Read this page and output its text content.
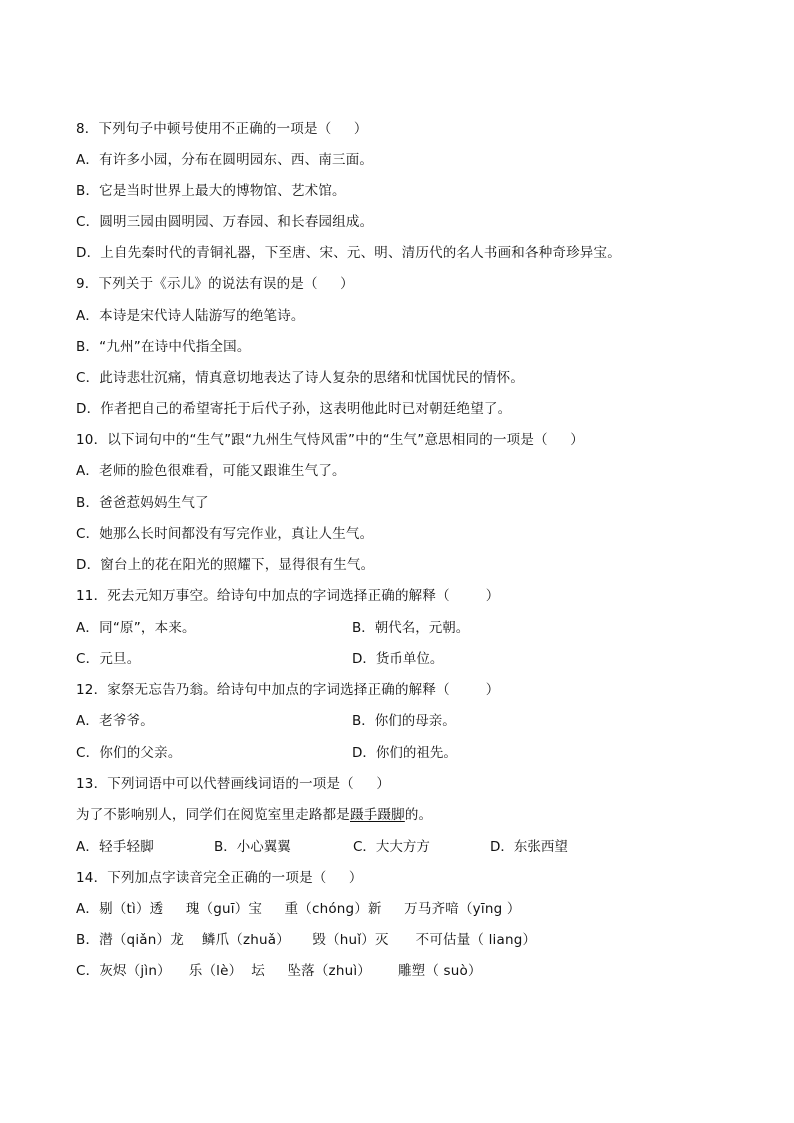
8．下列句子中顿号使用不正确的一项是（     ）
A．有许多小园，分布在圆明园东、西、南三面。
B．它是当时世界上最大的博物馆、艺术馆。
C．圆明三园由圆明园、万春园、和长春园组成。
D．上自先秦时代的青铜礼器，下至唐、宋、元、明、清历代的名人书画和各种奇珍异宝。
9．下列关于《示儿》的说法有误的是（     ）
A．本诗是宋代诗人陆游写的绝笔诗。
B．“九州”在诗中代指全国。
C．此诗悲壮沉痛，情真意切地表达了诗人复杂的思绪和忧国忧民的情怀。
D．作者把自己的希望寄托于后代子孙，这表明他此时已对朝廷绝望了。
10．以下词句中的“生气”跟“九州生气恃风雷”中的“生气”意思相同的一项是（     ）
A．老师的脸色很难看，可能又跟谁生气了。
B．爸爸惹妈妈生气了
C．她那么长时间都没有写完作业，真让人生气。
D．窗台上的花在阳光的照耀下，显得很有生气。
11．死去元知万事空。给诗句中加点的字词选择正确的解释（        ）
A．同“原”，本来。	B．朝代名，元朝。
C．元旦。	D．货币单位。
12．家祭无忘告乃翁。给诗句中加点的字词选择正确的解释（        ）
A．老爷爷。	B．你们的母亲。
C．你们的父亲。	D．你们的祖先。
13．下列词语中可以代替画线词语的一项是（     ）
为了不影响别人，同学们在阅览室里走路都是蹑手蹑脚的。
A．轻手轻脚	B．小心翼翼	C．大大方方	D．东张西望
14．下列加点字读音完全正确的一项是（     ）
A．剔（tì）透     瑰（guī）宝     重（chóng）新     万马齐喑（yīng ）
B．潜（qiǎn）龙    鳞爪（zhuǎ）     毁（huǐ）灭      不可估量（ liang）
C．灰烬（jìn）    乐（lè）  坛     坠落（zhuì）      雕塑（ suò）
